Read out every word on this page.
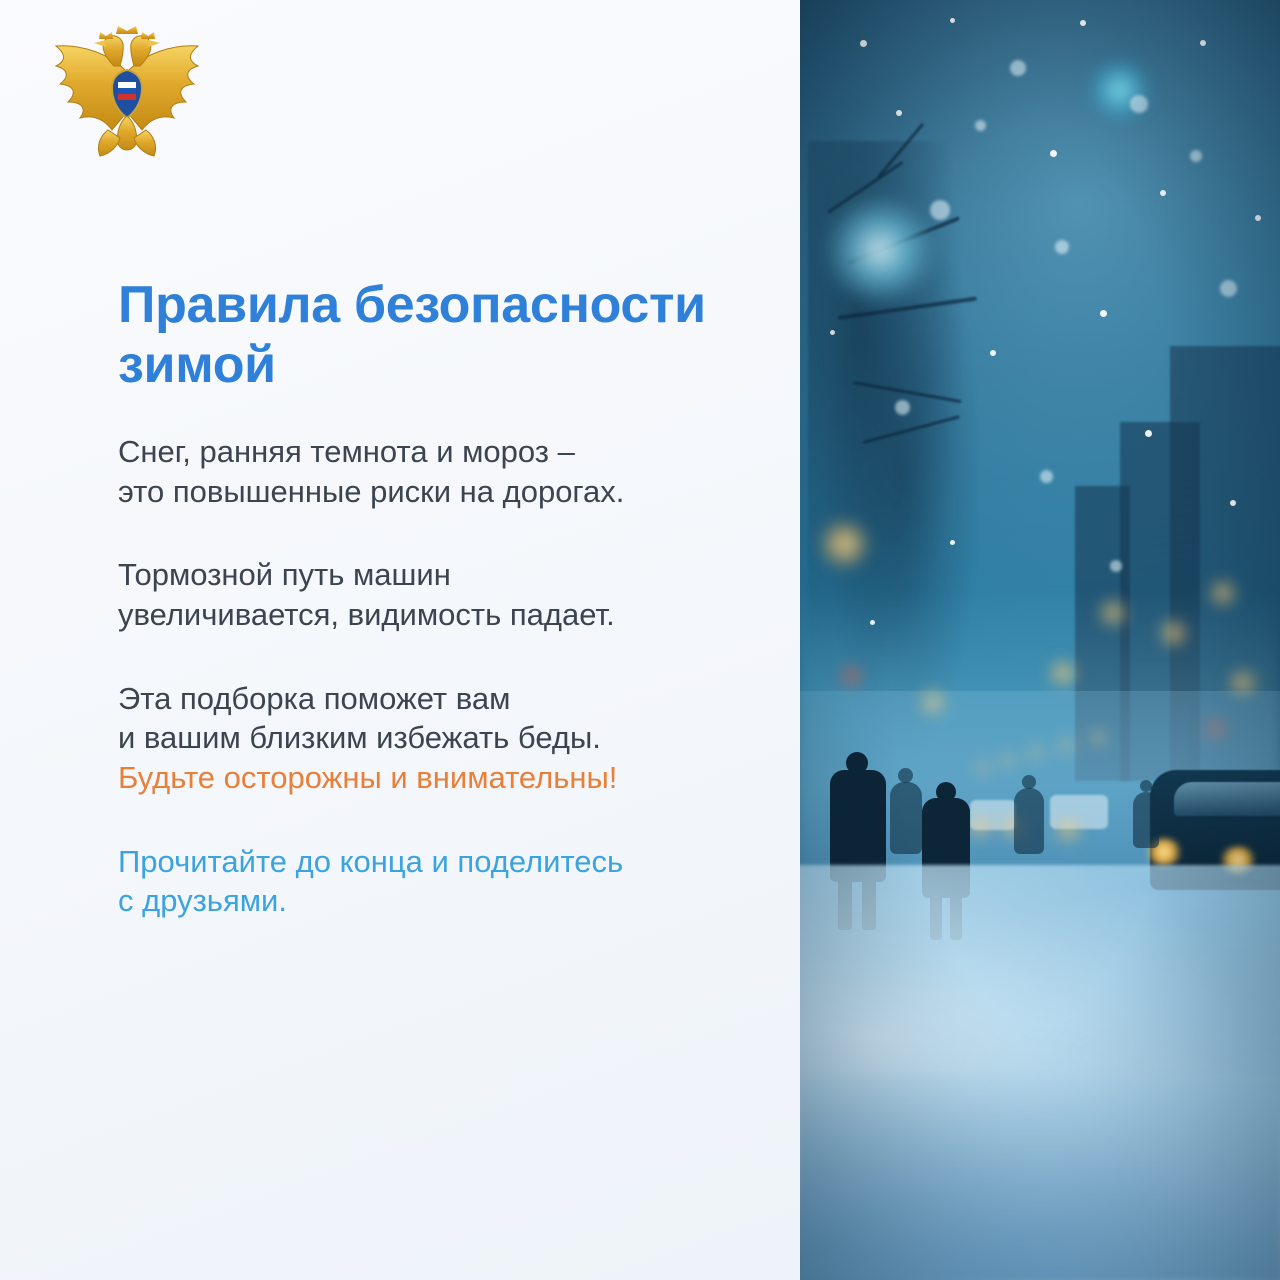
Правила безопасности зимой

Снег, ранняя темнота и мороз –
это повышенные риски на дорогах.

Тормозной путь машин
увеличивается, видимость падает.

Эта подборка поможет вам
и вашим близким избежать беды.
Будьте осторожны и внимательны!

Прочитайте до конца и поделитесь
с друзьями.
